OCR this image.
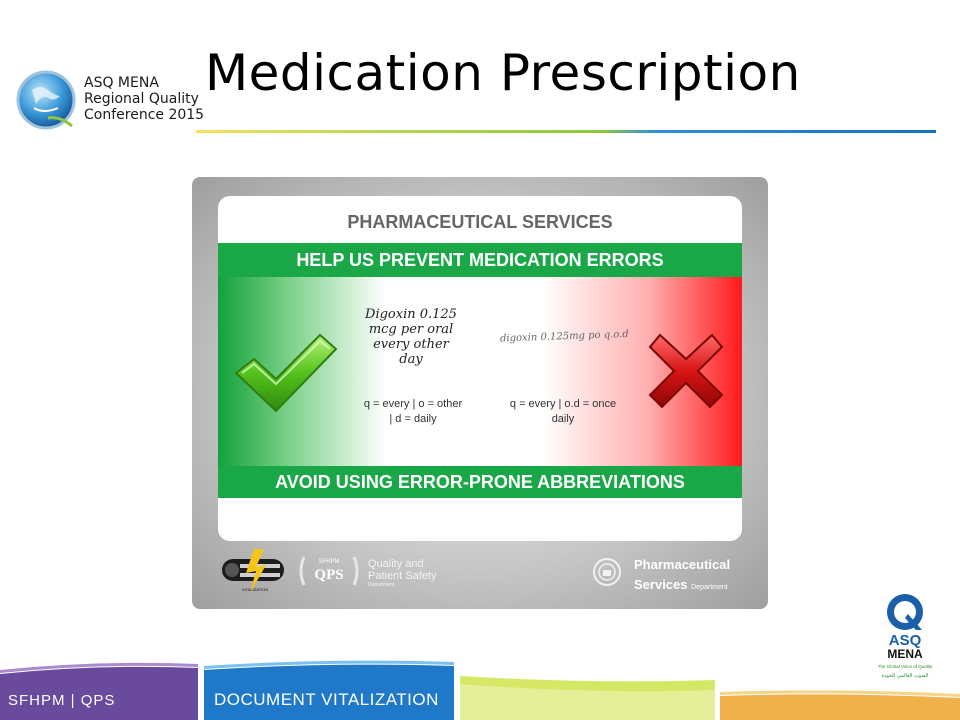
ASQ MENA
Regional Quality
Conference 2015
Medication Prescription
PHARMACEUTICAL SERVICES
HELP US PREVENT MEDICATION ERRORS
Digoxin 0.125
mcg per oral
every other
day
digoxin 0.125mg po q.o.d
q = every | o = other
| d = daily
q = every | o.d = once
daily
AVOID USING ERROR-PRONE ABBREVIATIONS
VITALIZATION
SFHPM
QPS
Quality and
Patient Safety
Department
Pharmaceutical
Services Department
ASQ
MENA
The Global Voice of Quality
الصوت العالمي للجودة
SFHPM | QPS	DOCUMENT VITALIZATION
